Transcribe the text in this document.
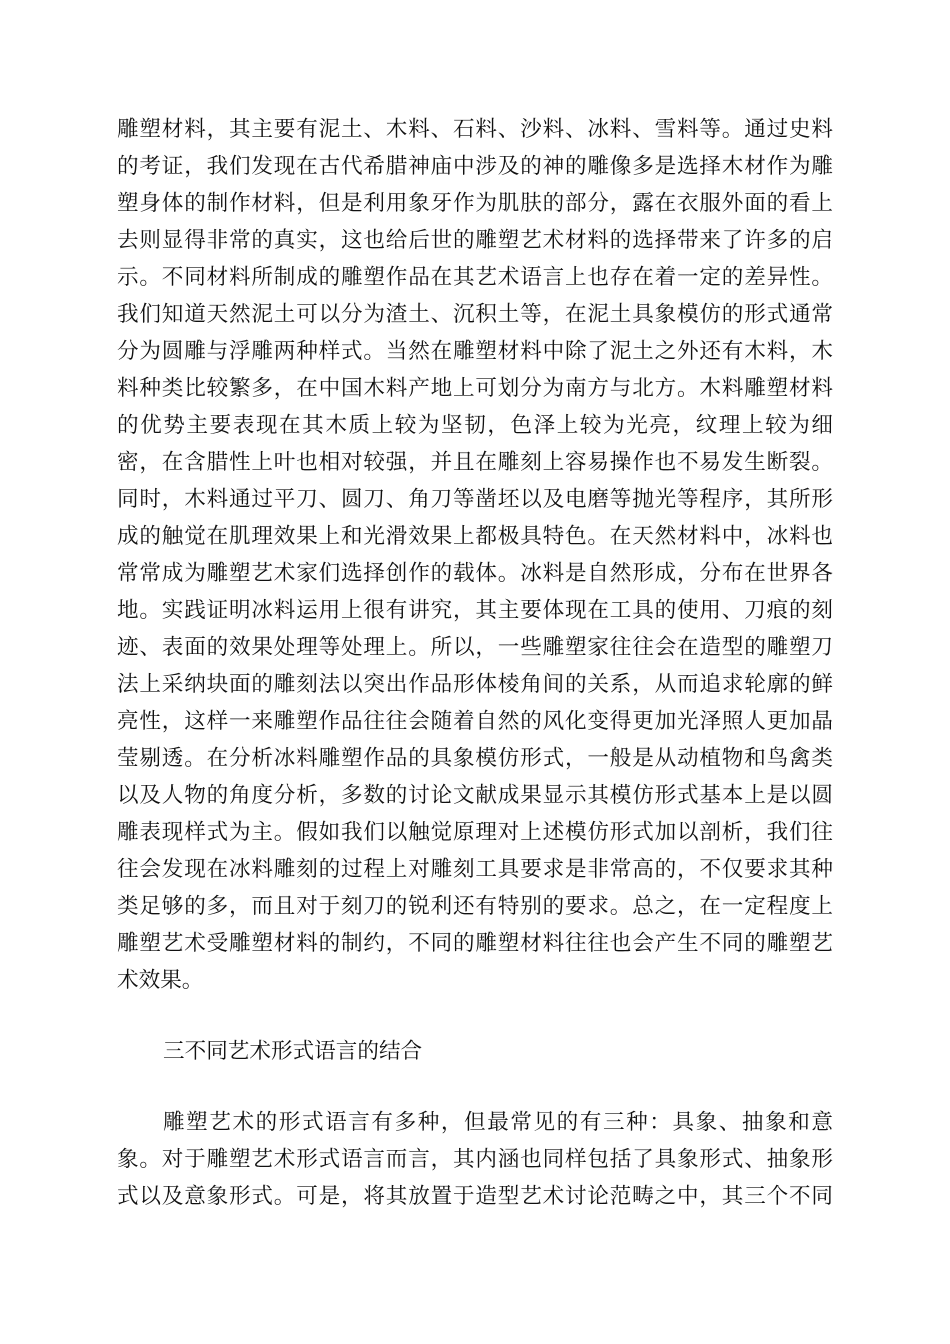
雕塑材料，其主要有泥土、木料、石料、沙料、冰料、雪料等。通过史料
的考证，我们发现在古代希腊神庙中涉及的神的雕像多是选择木材作为雕
塑身体的制作材料，但是利用象牙作为肌肤的部分，露在衣服外面的看上
去则显得非常的真实，这也给后世的雕塑艺术材料的选择带来了许多的启
示。不同材料所制成的雕塑作品在其艺术语言上也存在着一定的差异性。
我们知道天然泥土可以分为渣土、沉积土等，在泥土具象模仿的形式通常
分为圆雕与浮雕两种样式。当然在雕塑材料中除了泥土之外还有木料，木
料种类比较繁多，在中国木料产地上可划分为南方与北方。木料雕塑材料
的优势主要表现在其木质上较为坚韧，色泽上较为光亮，纹理上较为细
密，在含腊性上叶也相对较强，并且在雕刻上容易操作也不易发生断裂。
同时，木料通过平刀、圆刀、角刀等凿坯以及电磨等抛光等程序，其所形
成的触觉在肌理效果上和光滑效果上都极具特色。在天然材料中，冰料也
常常成为雕塑艺术家们选择创作的载体。冰料是自然形成，分布在世界各
地。实践证明冰料运用上很有讲究，其主要体现在工具的使用、刀痕的刻
迹、表面的效果处理等处理上。所以，一些雕塑家往往会在造型的雕塑刀
法上采纳块面的雕刻法以突出作品形体棱角间的关系，从而追求轮廓的鲜
亮性，这样一来雕塑作品往往会随着自然的风化变得更加光泽照人更加晶
莹剔透。在分析冰料雕塑作品的具象模仿形式，一般是从动植物和鸟禽类
以及人物的角度分析，多数的讨论文献成果显示其模仿形式基本上是以圆
雕表现样式为主。假如我们以触觉原理对上述模仿形式加以剖析，我们往
往会发现在冰料雕刻的过程上对雕刻工具要求是非常高的，不仅要求其种
类足够的多，而且对于刻刀的锐利还有特别的要求。总之，在一定程度上
雕塑艺术受雕塑材料的制约，不同的雕塑材料往往也会产生不同的雕塑艺
术效果。
三不同艺术形式语言的结合
雕塑艺术的形式语言有多种，但最常见的有三种：具象、抽象和意
象。对于雕塑艺术形式语言而言，其内涵也同样包括了具象形式、抽象形
式以及意象形式。可是，将其放置于造型艺术讨论范畴之中，其三个不同
